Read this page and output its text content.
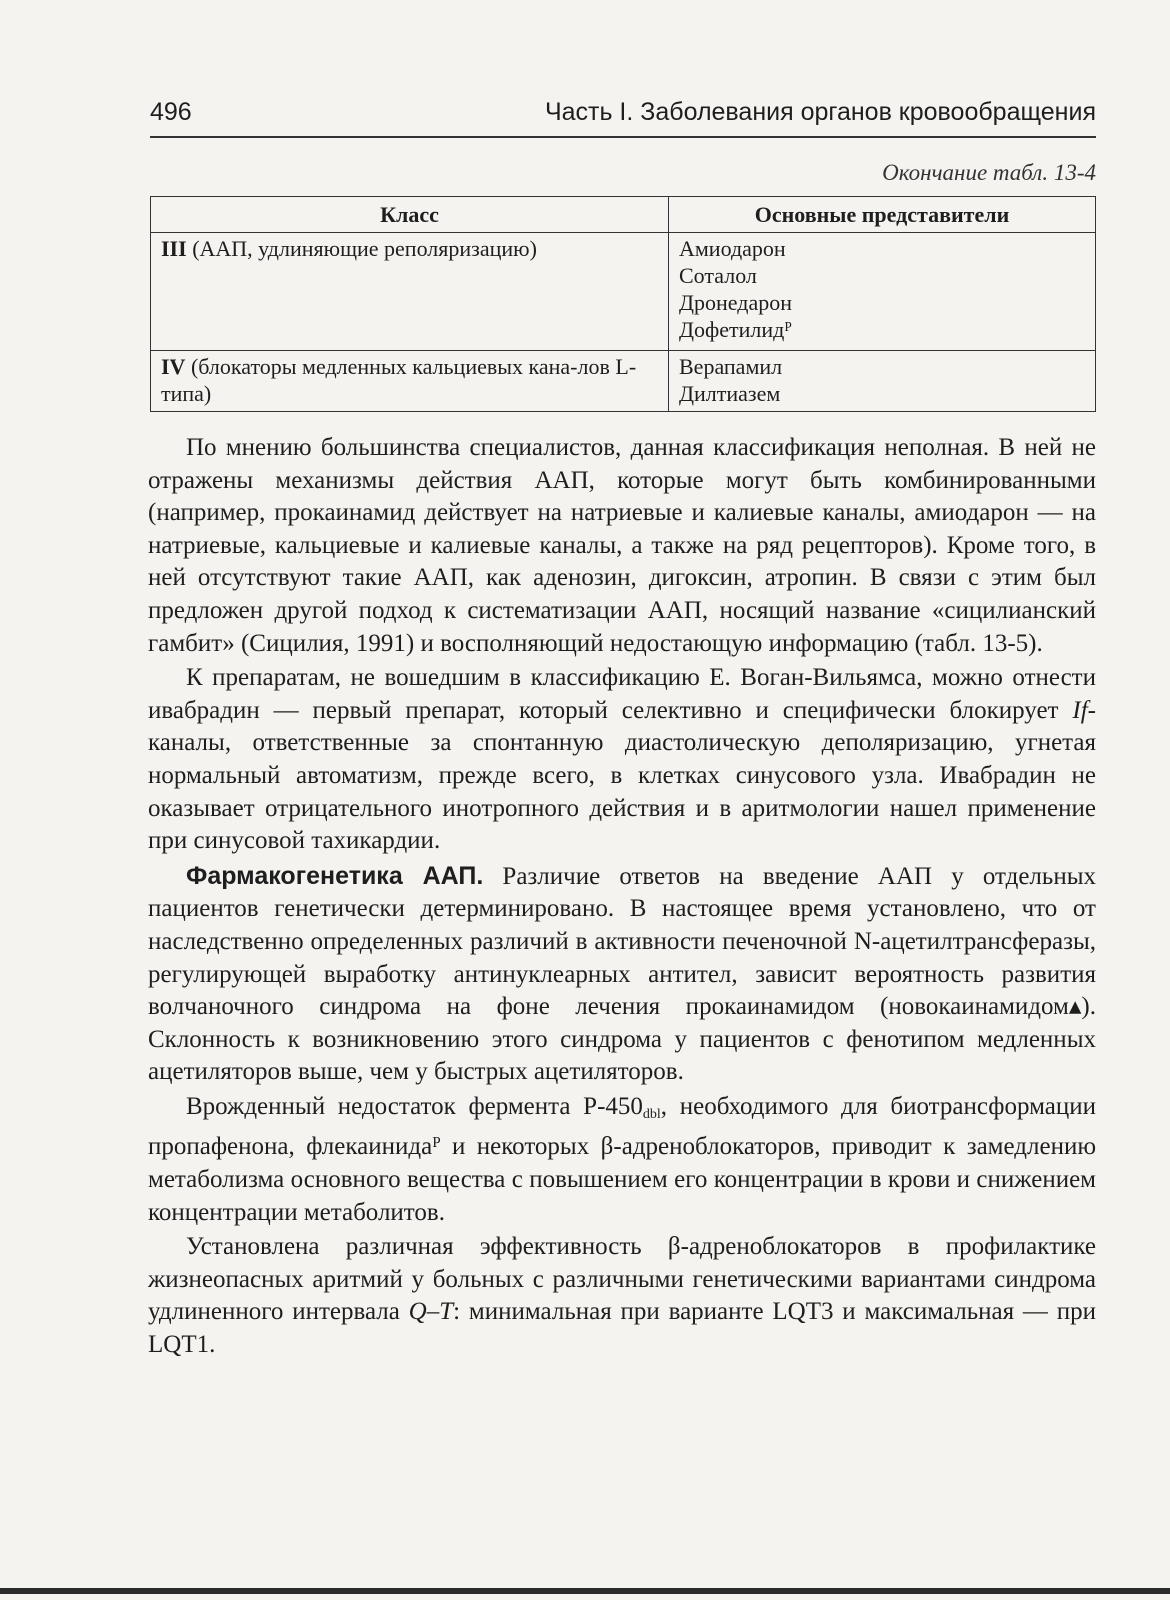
496	Часть I. Заболевания органов кровообращения
Окончание табл. 13-4
Класс	Основные представители
III (ААП, удлиняющие реполяризацию)	Амиодарон
Соталол
Дронедарон
Дофетилидᴾ

IV (блокаторы медленных кальциевых кана-лов L-типа)	Верапамил
Дилтиазем

По мнению большинства специалистов, данная классификация неполная. В ней не отражены механизмы действия ААП, которые могут быть комбинированными (например, прокаинамид действует на натриевые и калиевые каналы, амиодарон — на натриевые, кальциевые и калиевые каналы, а также на ряд рецепторов). Кроме того, в ней отсутствуют такие ААП, как аденозин, дигоксин, атропин. В связи с этим был предложен другой подход к систематизации ААП, носящий название «сицилианский гамбит» (Сицилия, 1991) и восполняющий недостающую информацию (табл. 13-5).

К препаратам, не вошедшим в классификацию Е. Воган-Вильямса, можно отнести ивабрадин — первый препарат, который селективно и специфически блокирует If-каналы, ответственные за спонтанную диастолическую деполяризацию, угнетая нормальный автоматизм, прежде всего, в клетках синусового узла. Ивабрадин не оказывает отрицательного инотропного действия и в аритмологии нашел применение при синусовой тахикардии.

Фармакогенетика ААП. Различие ответов на введение ААП у отдельных пациентов генетически детерминировано. В настоящее время установлено, что от наследственно определенных различий в активности печеночной N-ацетилтрансферазы, регулирующей выработку антинуклеарных антител, зависит вероятность развития волчаночного синдрома на фоне лечения прокаинамидом (новокаинамидом▴). Склонность к возникновению этого синдрома у пациентов с фенотипом медленных ацетиляторов выше, чем у быстрых ацетиляторов.

Врожденный недостаток фермента $P-450_{dbl}$, необходимого для биотрансформации пропафенона, флекаинидаᴾ и некоторых β-адреноблокаторов, приводит к замедлению метаболизма основного вещества с повышением его концентрации в крови и снижением концентрации метаболитов.

Установлена различная эффективность β-адреноблокаторов в профилактике жизнеопасных аритмий у больных с различными генетическими вариантами синдрома удлиненного интервала Q–T: минимальная при варианте LQT3 и максимальная — при LQT1.
